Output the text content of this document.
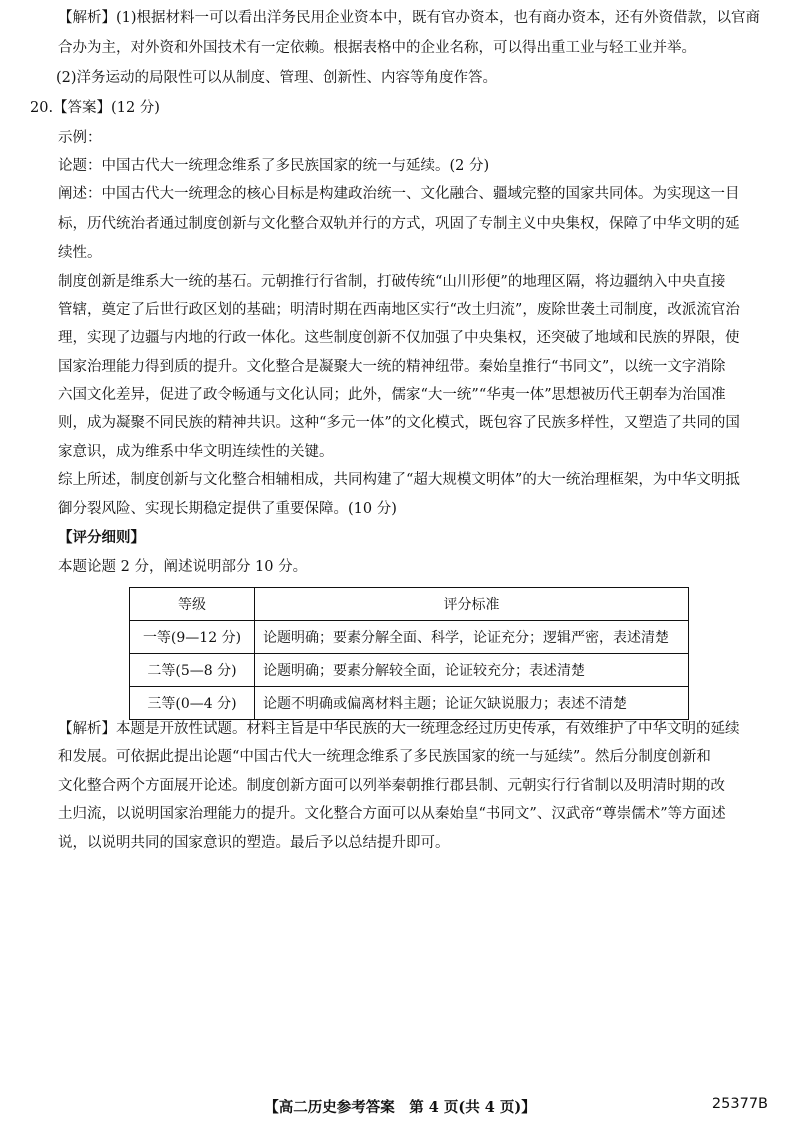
【解析】(1)根据材料一可以看出洋务民用企业资本中，既有官办资本，也有商办资本，还有外资借款，以官商
合办为主，对外资和外国技术有一定依赖。根据表格中的企业名称，可以得出重工业与轻工业并举。
(2)洋务运动的局限性可以从制度、管理、创新性、内容等角度作答。
20.【答案】(12 分)
示例：
论题：中国古代大一统理念维系了多民族国家的统一与延续。(2 分)
阐述：中国古代大一统理念的核心目标是构建政治统一、文化融合、疆域完整的国家共同体。为实现这一目
标，历代统治者通过制度创新与文化整合双轨并行的方式，巩固了专制主义中央集权，保障了中华文明的延
续性。
制度创新是维系大一统的基石。元朝推行行省制，打破传统“山川形便”的地理区隔，将边疆纳入中央直接
管辖，奠定了后世行政区划的基础；明清时期在西南地区实行“改土归流”，废除世袭土司制度，改派流官治
理，实现了边疆与内地的行政一体化。这些制度创新不仅加强了中央集权，还突破了地域和民族的界限，使
国家治理能力得到质的提升。文化整合是凝聚大一统的精神纽带。秦始皇推行“书同文”，以统一文字消除
六国文化差异，促进了政令畅通与文化认同；此外，儒家“大一统”“华夷一体”思想被历代王朝奉为治国准
则，成为凝聚不同民族的精神共识。这种“多元一体”的文化模式，既包容了民族多样性，又塑造了共同的国
家意识，成为维系中华文明连续性的关键。
综上所述，制度创新与文化整合相辅相成，共同构建了“超大规模文明体”的大一统治理框架，为中华文明抵
御分裂风险、实现长期稳定提供了重要保障。(10 分)
【评分细则】
本题论题 2 分，阐述说明部分 10 分。
等级	评分标准
一等(9—12 分)	论题明确；要素分解全面、科学，论证充分；逻辑严密，表述清楚
二等(5—8 分)	论题明确；要素分解较全面，论证较充分；表述清楚
三等(0—4 分)	论题不明确或偏离材料主题；论证欠缺说服力；表述不清楚
【解析】本题是开放性试题。材料主旨是中华民族的大一统理念经过历史传承，有效维护了中华文明的延续
和发展。可依据此提出论题“中国古代大一统理念维系了多民族国家的统一与延续”。然后分制度创新和
文化整合两个方面展开论述。制度创新方面可以列举秦朝推行郡县制、元朝实行行省制以及明清时期的改
土归流，以说明国家治理能力的提升。文化整合方面可以从秦始皇“书同文”、汉武帝“尊崇儒术”等方面述
说，以说明共同的国家意识的塑造。最后予以总结提升即可。
【高二历史参考答案　第 4 页(共 4 页)】	25377B
